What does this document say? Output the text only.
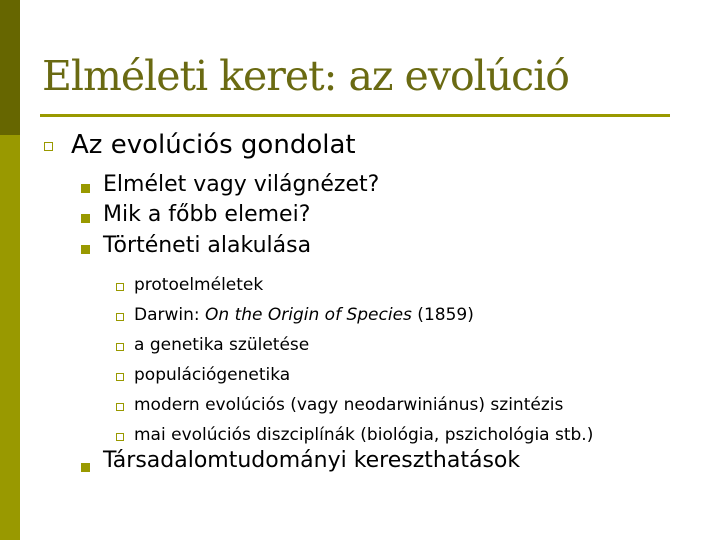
Elméleti keret: az evolúció
Az evolúciós gondolat
Elmélet vagy világnézet?
Mik a főbb elemei?
Történeti alakulása
protoelméletek
Darwin: On the Origin of Species (1859)
a genetika születése
populációgenetika
modern evolúciós (vagy neodarwiniánus) szintézis
mai evolúciós diszciplínák (biológia, pszichológia stb.)
Társadalomtudományi kereszthatások
